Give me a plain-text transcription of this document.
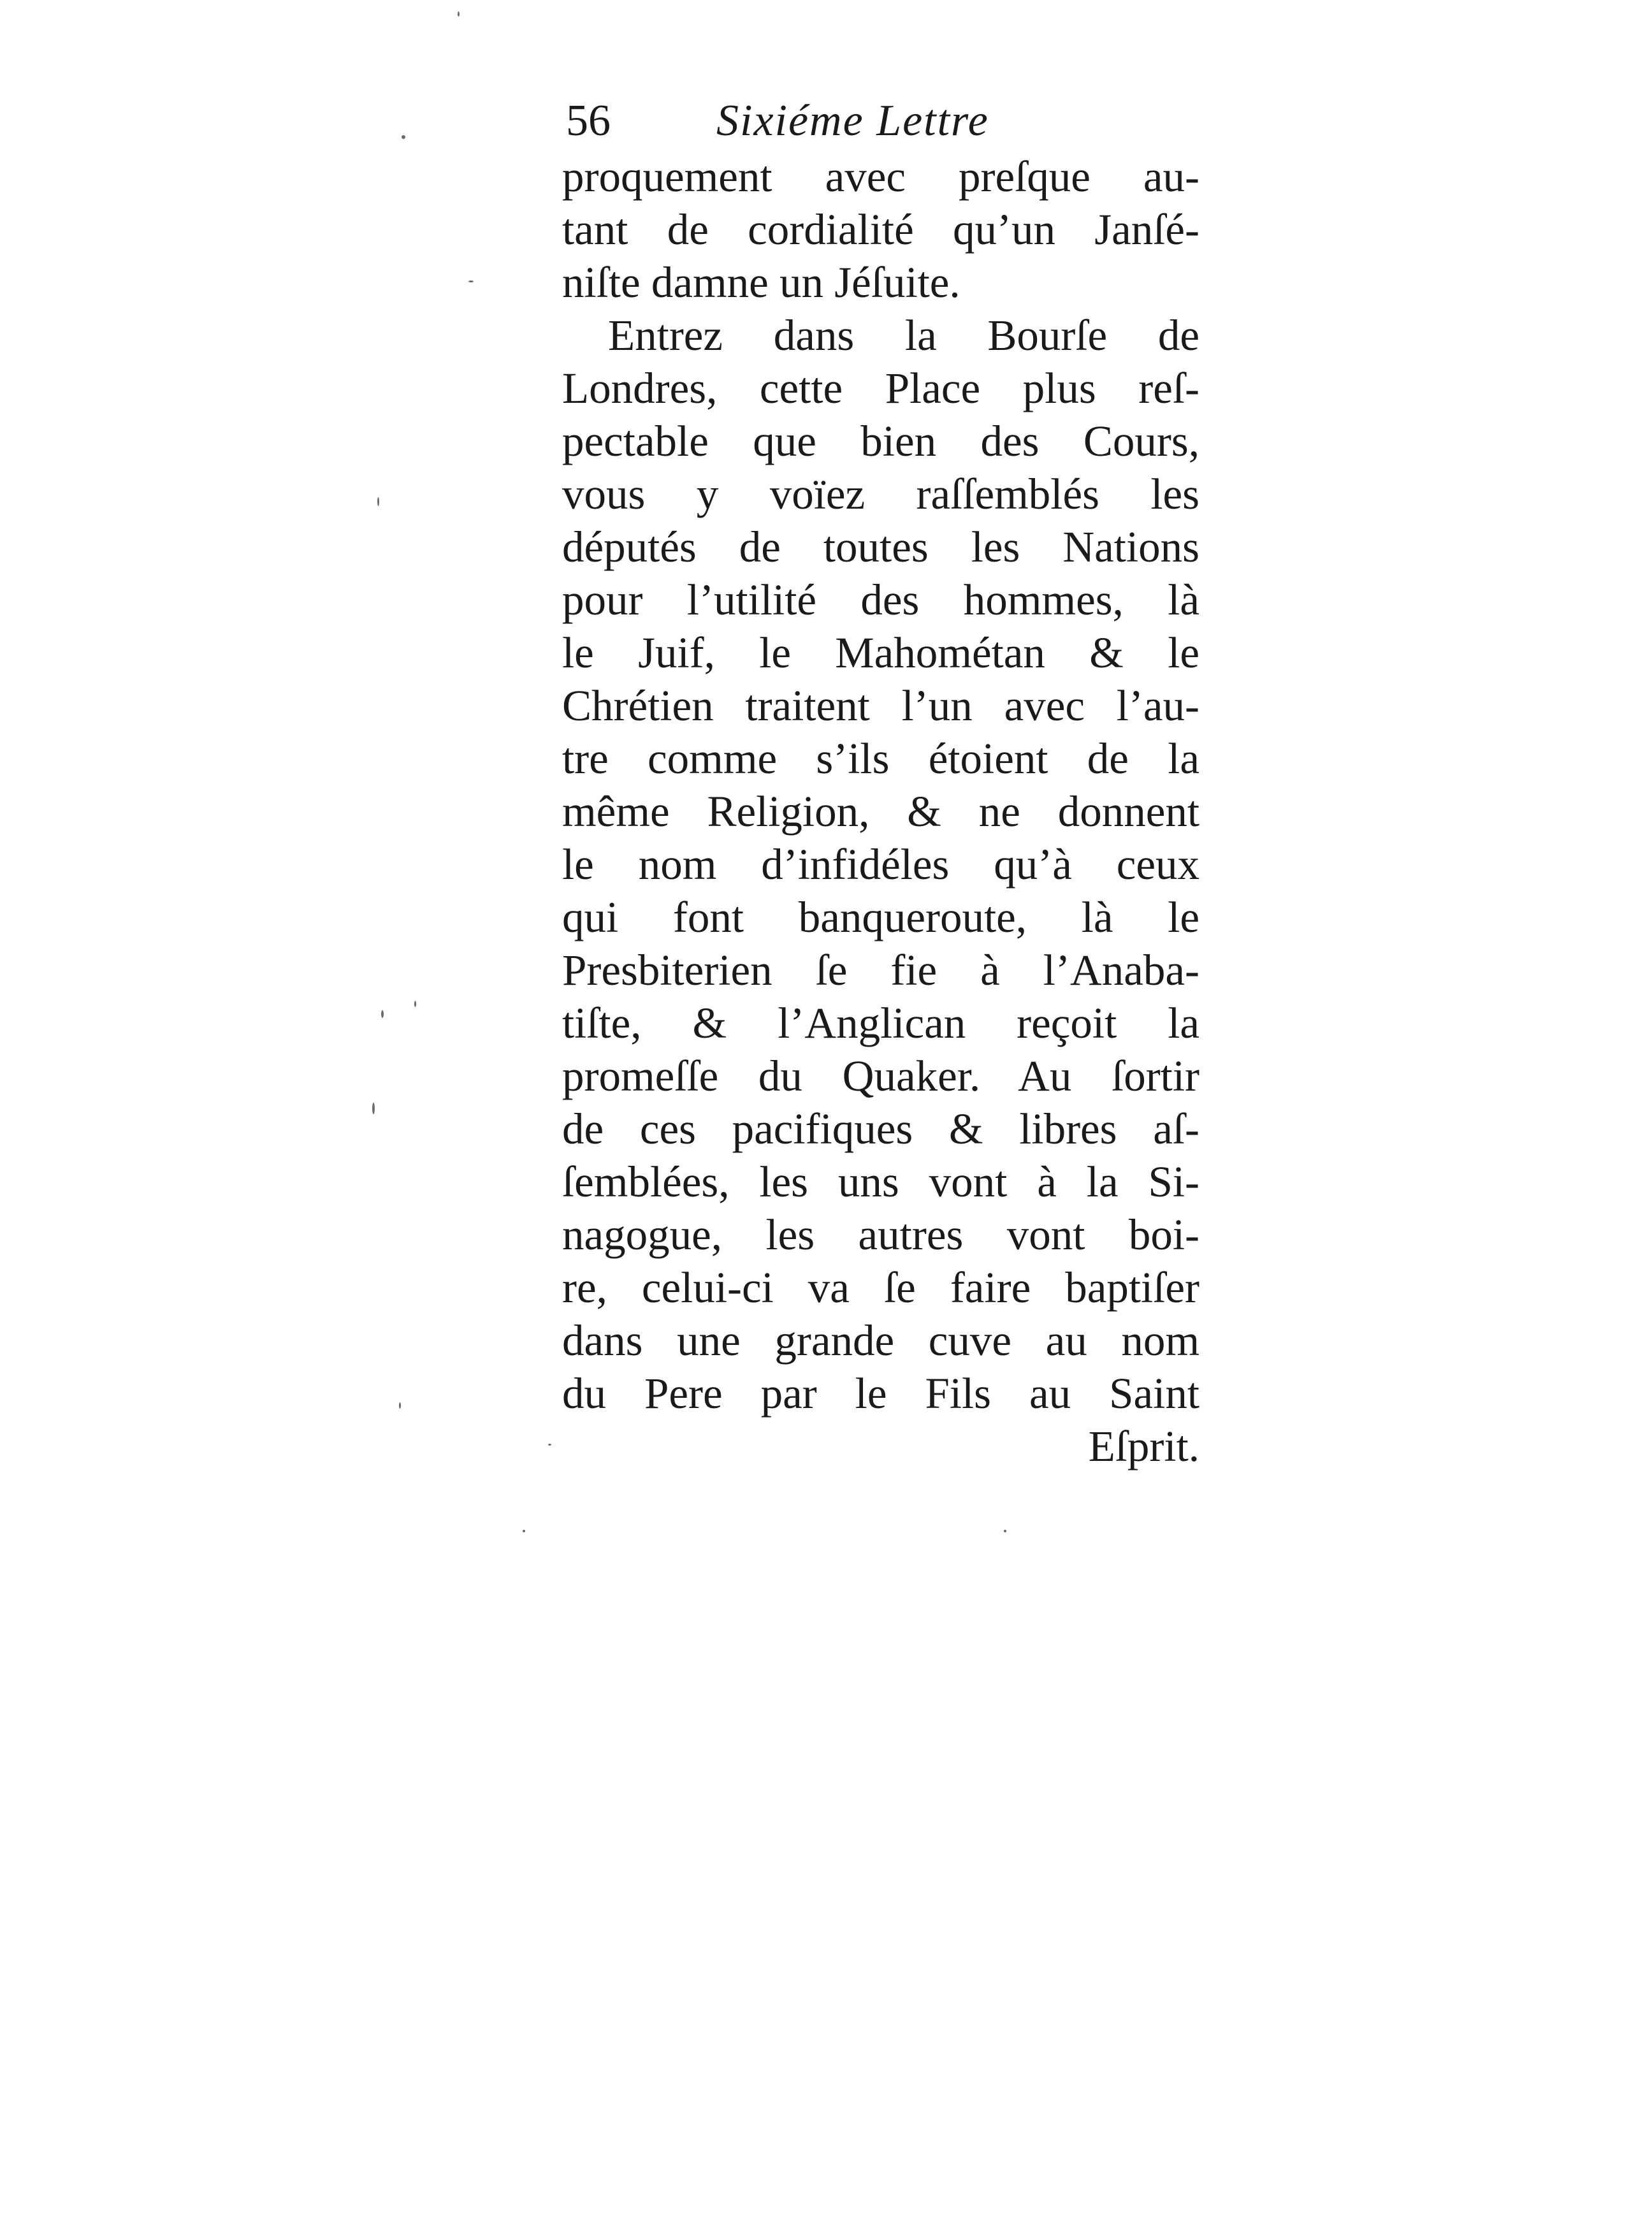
56 Sixiéme Lettre
proquement avec preſque au-
tant de cordialité qu’un Janſé-
niſte damne un Jéſuite.
Entrez dans la Bourſe de
Londres, cette Place plus reſ-
pectable que bien des Cours,
vous y voïez raſſemblés les
députés de toutes les Nations
pour l’utilité des hommes, là
le Juif, le Mahométan & le
Chrétien traitent l’un avec l’au-
tre comme s’ils étoient de la
même Religion, & ne donnent
le nom d’infidéles qu’à ceux
qui font banqueroute, là le
Presbiterien ſe fie à l’Anaba-
tiſte, & l’Anglican reçoit la
promeſſe du Quaker. Au ſortir
de ces pacifiques & libres aſ-
ſemblées, les uns vont à la Si-
nagogue, les autres vont boi-
re, celui-ci va ſe faire baptiſer
dans une grande cuve au nom
du Pere par le Fils au Saint
Eſprit.
